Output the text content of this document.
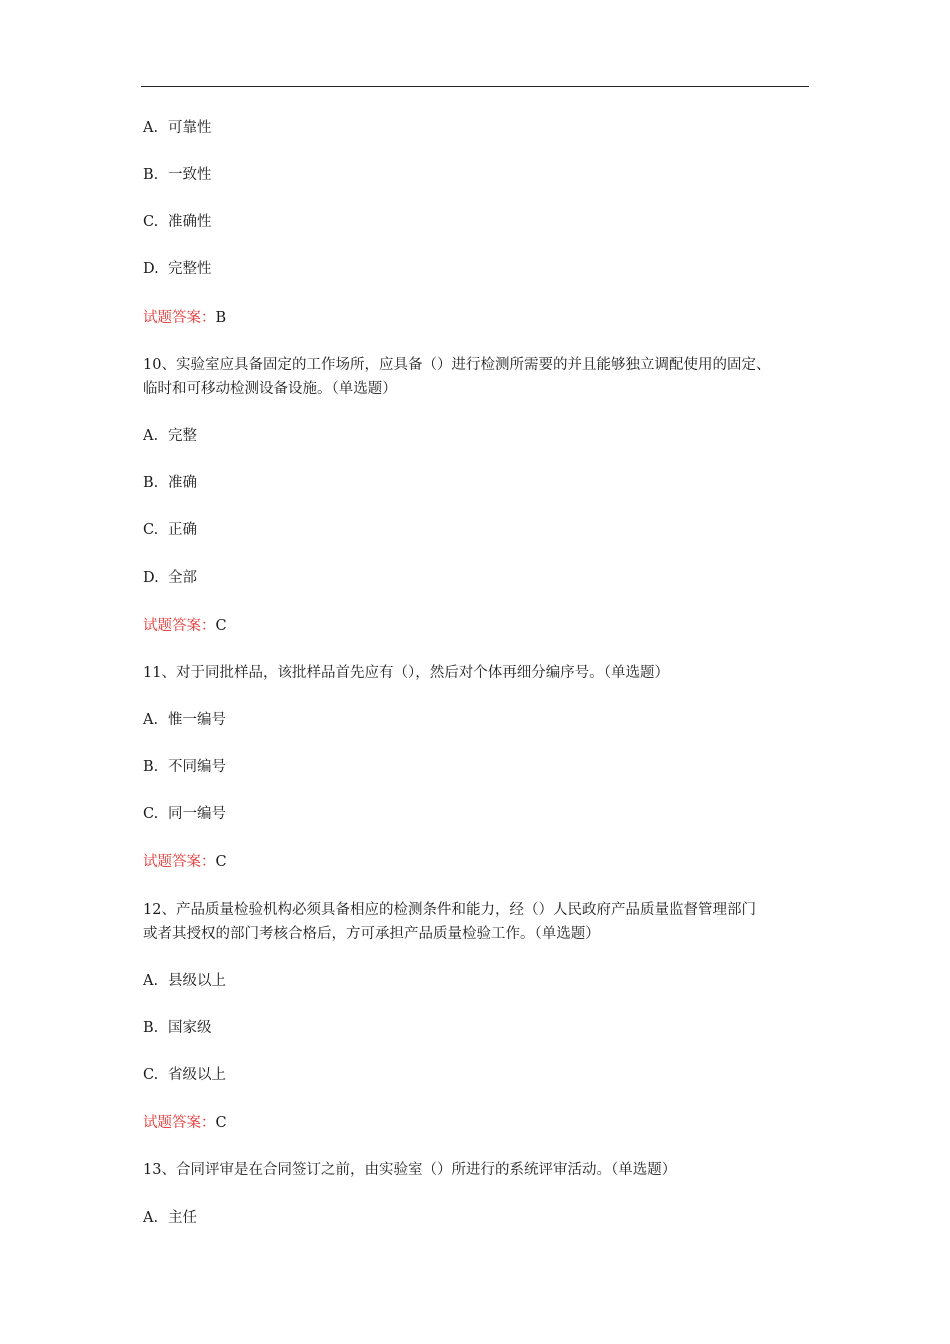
A. 可靠性
B. 一致性
C. 准确性
D. 完整性
试题答案：B
10、实验室应具备固定的工作场所，应具备（）进行检测所需要的并且能够独立调配使用的固定、
临时和可移动检测设备设施。（单选题）
A. 完整
B. 准确
C. 正确
D. 全部
试题答案：C
11、对于同批样品，该批样品首先应有（），然后对个体再细分编序号。（单选题）
A. 惟一编号
B. 不同编号
C. 同一编号
试题答案：C
12、产品质量检验机构必须具备相应的检测条件和能力，经（）人民政府产品质量监督管理部门
或者其授权的部门考核合格后，方可承担产品质量检验工作。（单选题）
A. 县级以上
B. 国家级
C. 省级以上
试题答案：C
13、合同评审是在合同签订之前，由实验室（）所进行的系统评审活动。（单选题）
A. 主任
